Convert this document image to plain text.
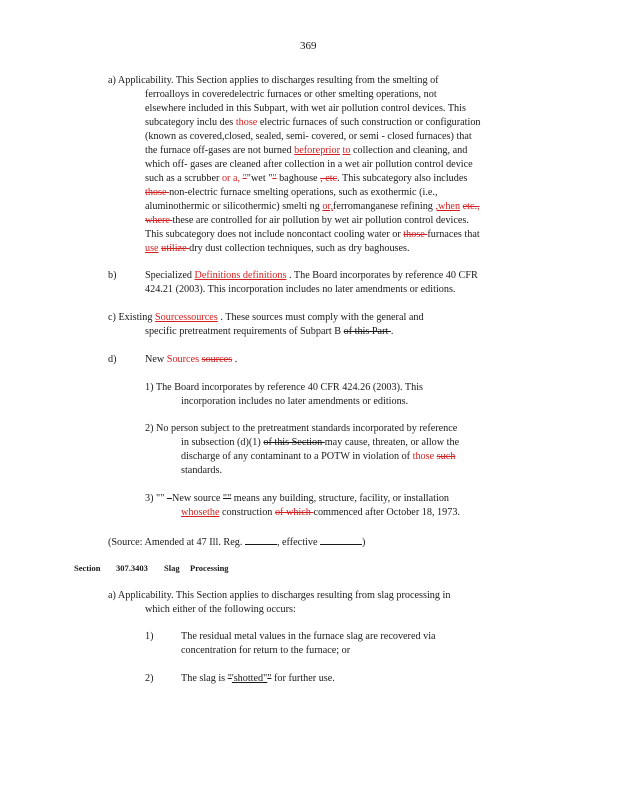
369
a) Applicability. This Section applies to discharges resulting from the smelting of
ferroalloys in coveredelectric furnaces or other smelting operations, not
elsewhere included in this Subpart, with wet air pollution control devices. This
subcategory inclu des those electric furnaces of such construction or configuration
(known as covered,closed, sealed, semi- covered, or semi - closed furnaces) that
the furnace off-gases are not burned beforeprior to collection and cleaning, and
which off- gases are cleaned after collection in a wet air pollution control device
such as a scrubber or a, ""wet "" baghouse , etc. This subcategory also includes
those non-electric furnace smelting operations, such as exothermic (i.e.,
aluminothermic or silicothermic) smelti ng or,ferromanganese refining ,when etc.,
where these are controlled for air pollution by wet air pollution control devices.
This subcategory does not include noncontact cooling water or those furnaces that
use utilize dry dust collection techniques, such as dry baghouses.
b)	Specialized Definitions definitions . The Board incorporates by reference 40 CFR
424.21 (2003). This incorporation includes no later amendments or editions.
c) Existing Sourcessources . These sources must comply with the general and
specific pretreatment requirements of Subpart B of this Part .
d)	New Sources sources .
1) The Board incorporates by reference 40 CFR 424.26 (2003). This
incorporation includes no later amendments or editions.
2) No person subject to the pretreatment standards incorporated by reference
in subsection (d)(1) of this Section may cause, threaten, or allow the
discharge of any contaminant to a POTW in violation of those such
standards.
3) "" –New source "" means any building, structure, facility, or installation
whosethe construction of which commenced after October 18, 1973.
(Source: Amended at 47 Ill. Reg.	, effective	)
Section 307.3403 Slag Processing
a) Applicability. This Section applies to discharges resulting from slag processing in
which either of the following occurs:
1)	The residual metal values in the furnace slag are recovered via
concentration for return to the furnace; or
2)	The slag is "'shotted"" for further use.
